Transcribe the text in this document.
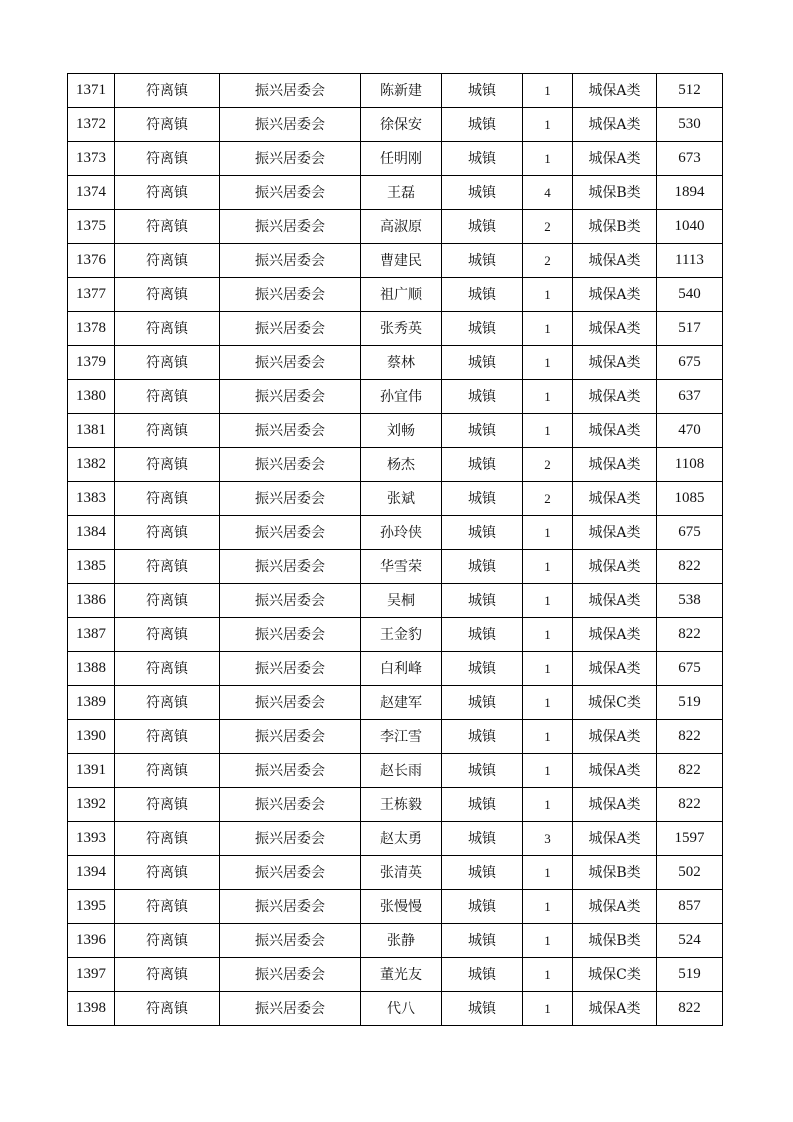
1371	符离镇	振兴居委会	陈新建	城镇	1	城保A类	512
1372	符离镇	振兴居委会	徐保安	城镇	1	城保A类	530
1373	符离镇	振兴居委会	任明刚	城镇	1	城保A类	673
1374	符离镇	振兴居委会	王磊	城镇	4	城保B类	1894
1375	符离镇	振兴居委会	高淑原	城镇	2	城保B类	1040
1376	符离镇	振兴居委会	曹建民	城镇	2	城保A类	1113
1377	符离镇	振兴居委会	祖广顺	城镇	1	城保A类	540
1378	符离镇	振兴居委会	张秀英	城镇	1	城保A类	517
1379	符离镇	振兴居委会	蔡林	城镇	1	城保A类	675
1380	符离镇	振兴居委会	孙宜伟	城镇	1	城保A类	637
1381	符离镇	振兴居委会	刘畅	城镇	1	城保A类	470
1382	符离镇	振兴居委会	杨杰	城镇	2	城保A类	1108
1383	符离镇	振兴居委会	张斌	城镇	2	城保A类	1085
1384	符离镇	振兴居委会	孙玲侠	城镇	1	城保A类	675
1385	符离镇	振兴居委会	华雪荣	城镇	1	城保A类	822
1386	符离镇	振兴居委会	吴桐	城镇	1	城保A类	538
1387	符离镇	振兴居委会	王金豹	城镇	1	城保A类	822
1388	符离镇	振兴居委会	白利峰	城镇	1	城保A类	675
1389	符离镇	振兴居委会	赵建军	城镇	1	城保C类	519
1390	符离镇	振兴居委会	李江雪	城镇	1	城保A类	822
1391	符离镇	振兴居委会	赵长雨	城镇	1	城保A类	822
1392	符离镇	振兴居委会	王栋毅	城镇	1	城保A类	822
1393	符离镇	振兴居委会	赵太勇	城镇	3	城保A类	1597
1394	符离镇	振兴居委会	张清英	城镇	1	城保B类	502
1395	符离镇	振兴居委会	张慢慢	城镇	1	城保A类	857
1396	符离镇	振兴居委会	张静	城镇	1	城保B类	524
1397	符离镇	振兴居委会	董光友	城镇	1	城保C类	519
1398	符离镇	振兴居委会	代八	城镇	1	城保A类	822
